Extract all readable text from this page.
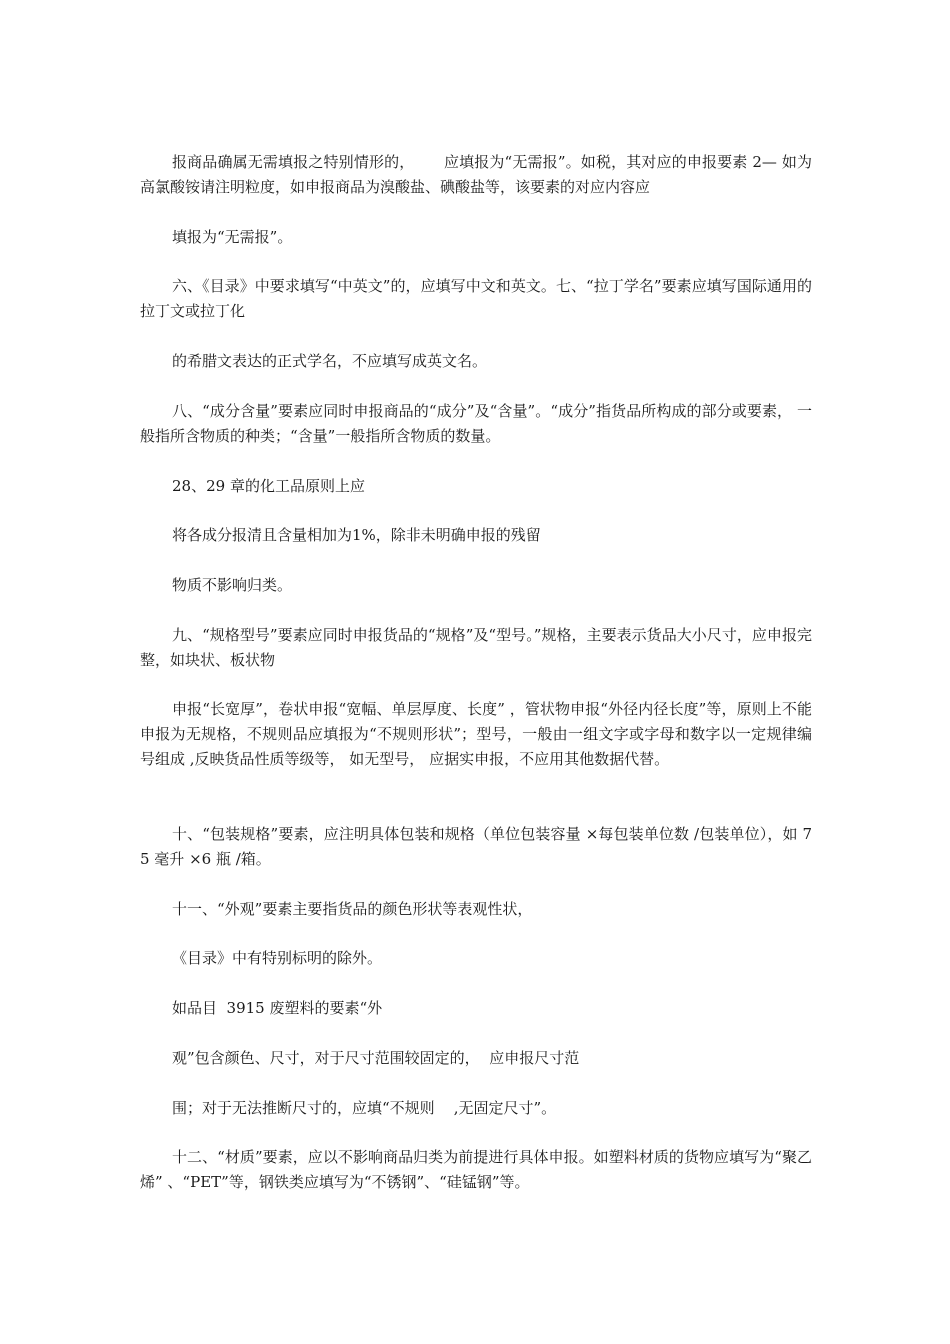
报商品确属无需填报之特别情形的，      应填报为“无需报”。如税，其对应的申报要素 2— 如为高氯酸铵请注明粒度，如申报商品为溴酸盐、碘酸盐等，该要素的对应内容应

填报为“无需报”。

六、《目录》中要求填写“中英文”的，应填写中文和英文。七、“拉丁学名”要素应填写国际通用的拉丁文或拉丁化

的希腊文表达的正式学名，不应填写成英文名。

八、“成分含量”要素应同时申报商品的“成分”及“含量”。“成分”指货品所构成的部分或要素， 一般指所含物质的种类；“含量”一般指所含物质的数量。

28、29 章的化工品原则上应

将各成分报清且含量相加为1%，除非未明确申报的残留

物质不影响归类。

九、“规格型号”要素应同时申报货品的“规格”及“型号。”规格，主要表示货品大小尺寸，应申报完整，如块状、板状物

申报“长宽厚”，卷状申报“宽幅、单层厚度、长度” ，管状物申报“外径内径长度”等，原则上不能申报为无规格，不规则品应填报为“不规则形状”；型号，一般由一组文字或字母和数字以一定规律编号组成 ,反映货品性质等级等， 如无型号， 应据实申报，不应用其他数据代替。

十、“包装规格”要素，应注明具体包装和规格（单位包装容量 ×每包装单位数 /包装单位），如 75 毫升 ×6 瓶 /箱。

十一、“外观”要素主要指货品的颜色形状等表观性状，

《目录》中有特别标明的除外。

如品目  3915 废塑料的要素“外

观”包含颜色、尺寸，对于尺寸范围较固定的，  应申报尺寸范

围；对于无法推断尺寸的，应填“不规则    ,无固定尺寸”。

十二、“材质”要素，应以不影响商品归类为前提进行具体申报。如塑料材质的货物应填写为“聚乙烯” 、“PET”等，钢铁类应填写为“不锈钢”、“硅锰钢”等。
